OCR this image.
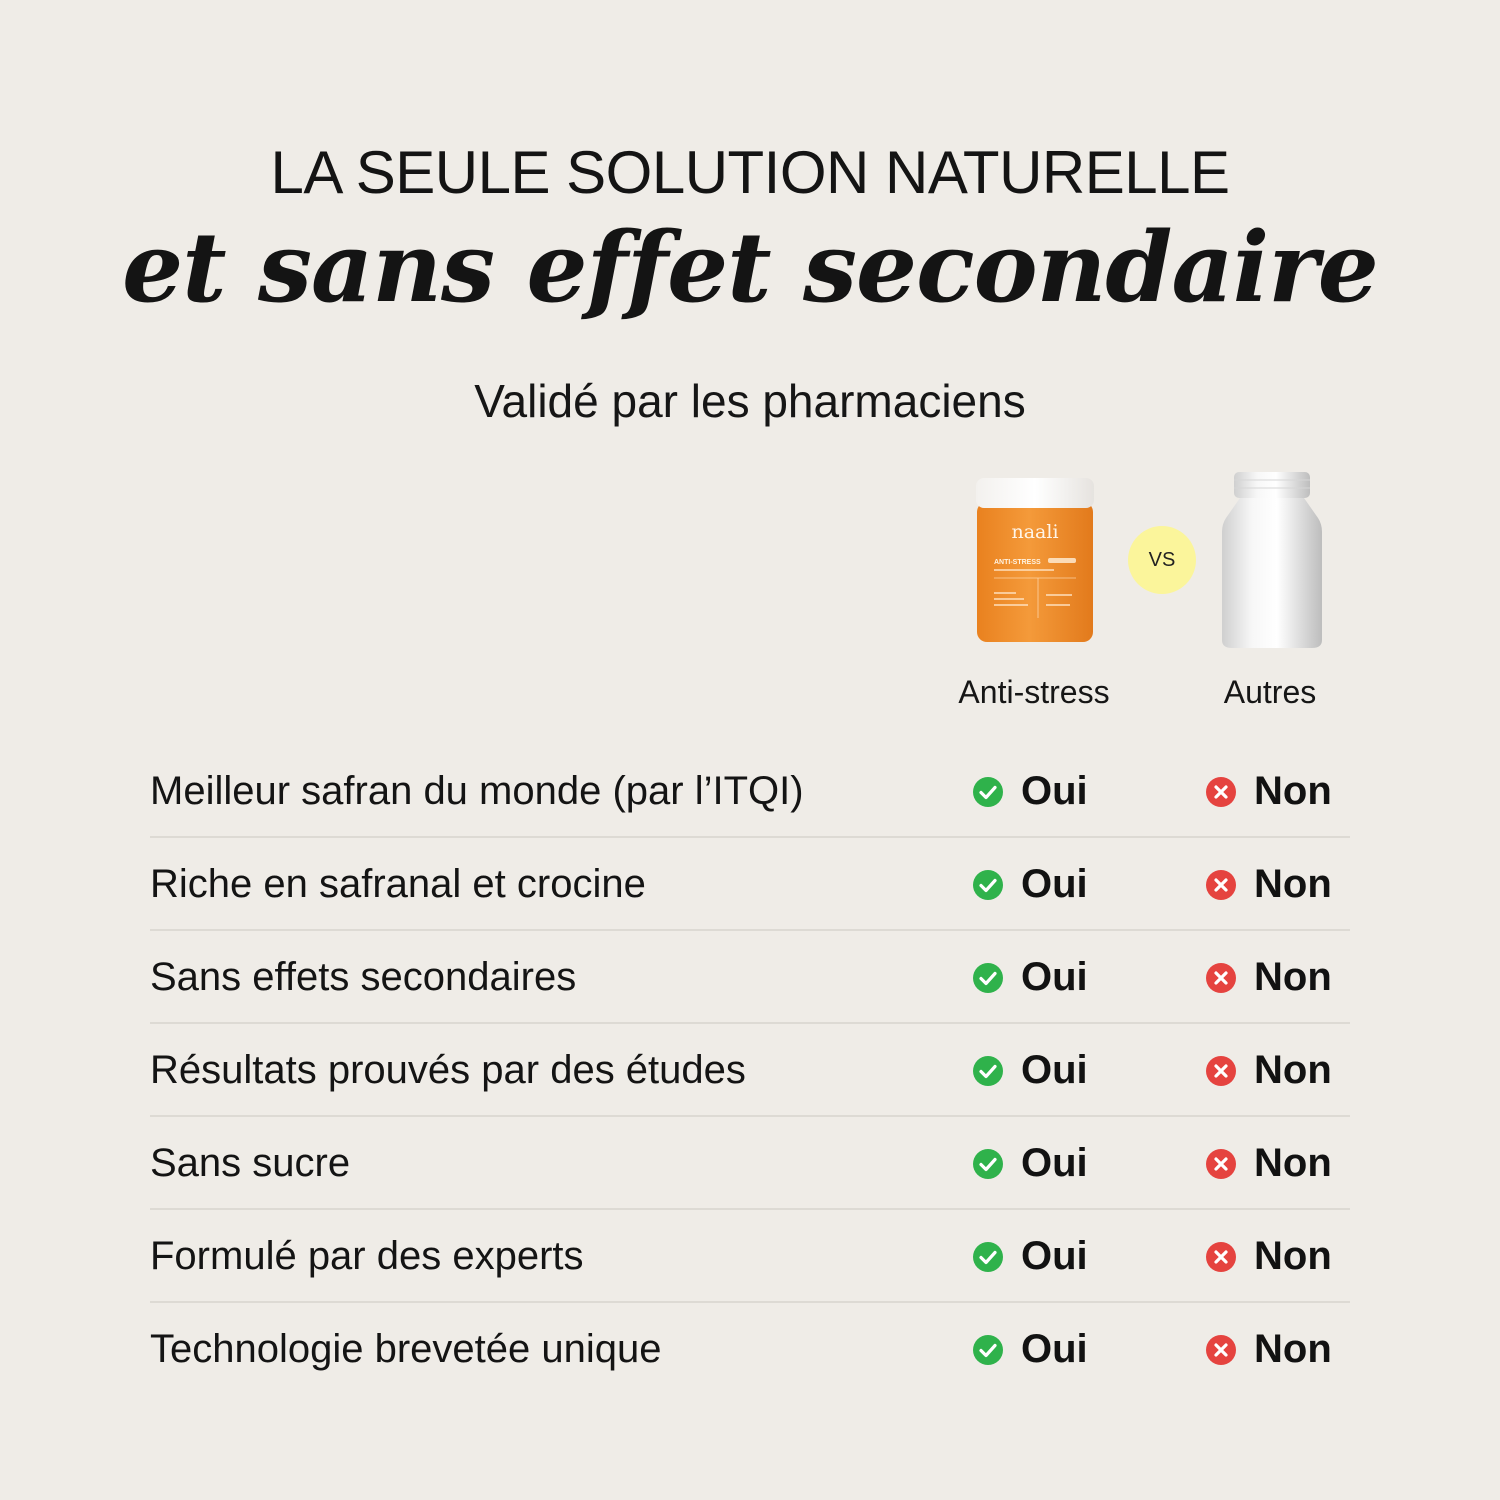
LA SEULE SOLUTION NATURELLE
et sans effet secondaire
Validé par les pharmaciens
naali
ANTI-STRESS	VS
Anti-stress	Autres
Meilleur safran du monde (par l’ITQI)	Oui	Non
Riche en safranal et crocine	Oui	Non
Sans effets secondaires	Oui	Non
Résultats prouvés par des études	Oui	Non
Sans sucre	Oui	Non
Formulé par des experts	Oui	Non
Technologie brevetée unique	Oui	Non
